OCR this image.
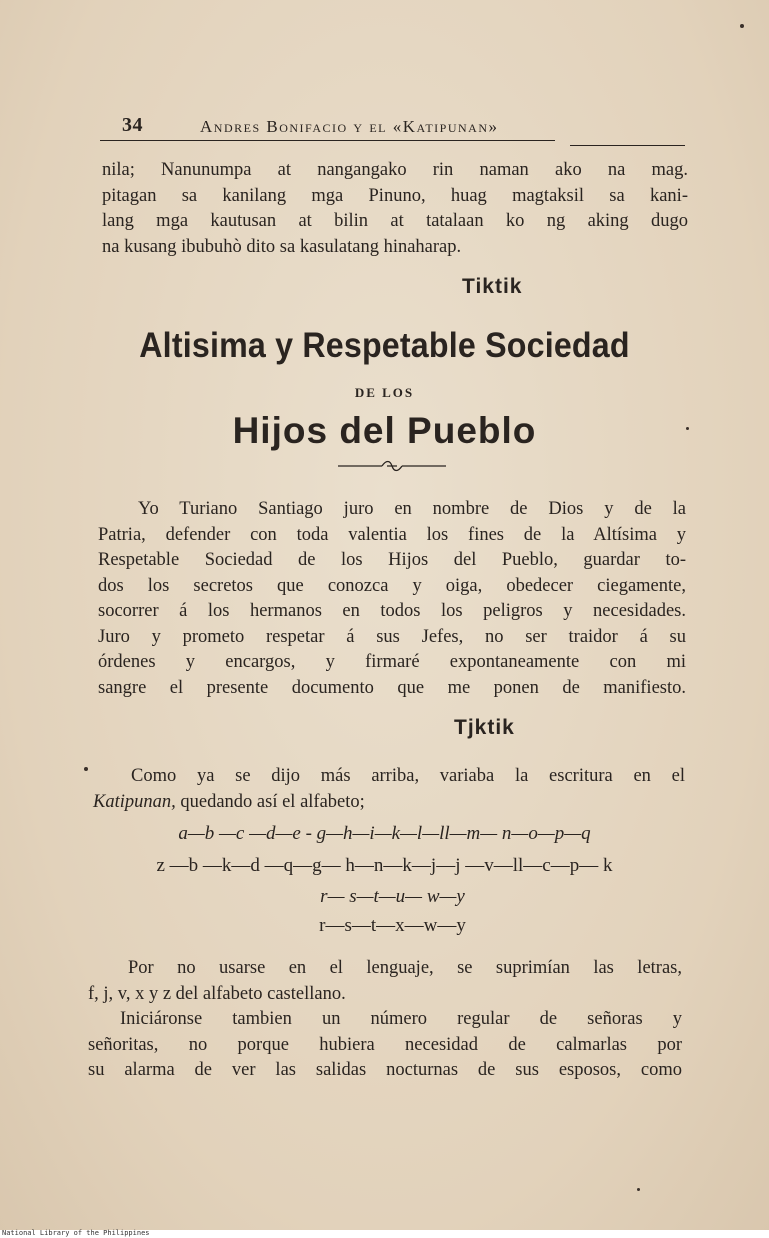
34	Andres Bonifacio y el «Katipunan»
nila; Nanunumpa at nangangako rin naman ako na mag.
pitagan sa kanilang mga Pinuno, huag magtaksil sa kani-
lang mga kautusan at bilin at tatalaan ko ng aking dugo
na kusang ibubuhò dito sa kasulatang hinaharap.
Tiktik
Altisima y Respetable Sociedad
DE LOS
Hijos del Pueblo
Yo Turiano Santiago juro en nombre de Dios y de la
Patria, defender con toda valentia los fines de la Altísima y
Respetable Sociedad de los Hijos del Pueblo, guardar to-
dos los secretos que conozca y oiga, obedecer ciegamente,
socorrer á los hermanos en todos los peligros y necesidades.
Juro y prometo respetar á sus Jefes, no ser traidor á su
órdenes y encargos, y firmaré expontaneamente con mi
sangre el presente documento que me ponen de manifiesto.
Tjktik
Como ya se dijo más arriba, variaba la escritura en el
Katipunan, quedando así el alfabeto;
a—b —c —d—e - g—h—i—k—l—ll—m— n—o—p—q
z —b —k—d —q—g— h—n—k—j—j —v—ll—c—p— k
r— s—t—u— w—y
r—s—t—x—w—y
Por no usarse en el lenguaje, se suprimían las letras,
f, j, v, x y z del alfabeto castellano.
Iniciáronse tambien un número regular de señoras y
señoritas, no porque hubiera necesidad de calmarlas por
su alarma de ver las salidas nocturnas de sus esposos, como
National Library of the Philippines
